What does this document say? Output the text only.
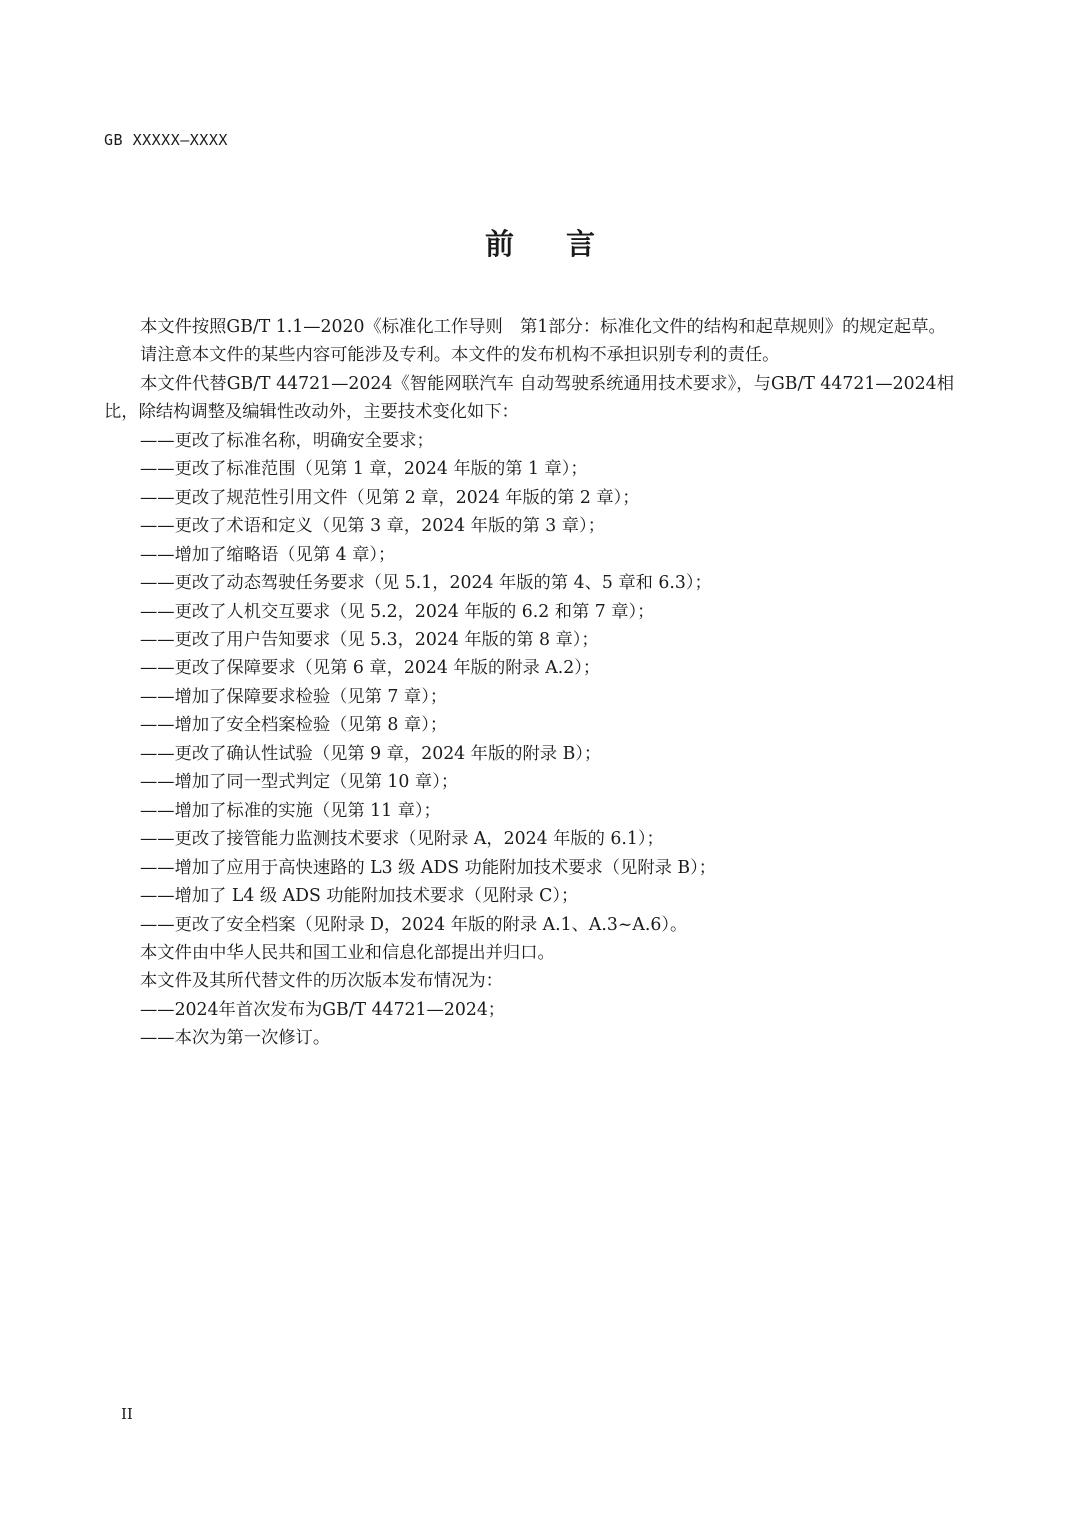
GB XXXXX—XXXX
前 言

本文件按照GB/T 1.1—2020《标准化工作导则　第1部分：标准化文件的结构和起草规则》的规定起草。

请注意本文件的某些内容可能涉及专利。本文件的发布机构不承担识别专利的责任。

本文件代替GB/T 44721—2024《智能网联汽车 自动驾驶系统通用技术要求》，与GB/T 44721—2024相比，除结构调整及编辑性改动外，主要技术变化如下：

——更改了标准名称，明确安全要求；

——更改了标准范围（见第 1 章，2024 年版的第 1 章）；

——更改了规范性引用文件（见第 2 章，2024 年版的第 2 章）；

——更改了术语和定义（见第 3 章，2024 年版的第 3 章）；

——增加了缩略语（见第 4 章）；

——更改了动态驾驶任务要求（见 5.1，2024 年版的第 4、5 章和 6.3）；

——更改了人机交互要求（见 5.2，2024 年版的 6.2 和第 7 章）；

——更改了用户告知要求（见 5.3，2024 年版的第 8 章）；

——更改了保障要求（见第 6 章，2024 年版的附录 A.2）；

——增加了保障要求检验（见第 7 章）；

——增加了安全档案检验（见第 8 章）；

——更改了确认性试验（见第 9 章，2024 年版的附录 B）；

——增加了同一型式判定（见第 10 章）；

——增加了标准的实施（见第 11 章）；

——更改了接管能力监测技术要求（见附录 A，2024 年版的 6.1）；

——增加了应用于高快速路的 L3 级 ADS 功能附加技术要求（见附录 B）；

——增加了 L4 级 ADS 功能附加技术要求（见附录 C）；

——更改了安全档案（见附录 D，2024 年版的附录 A.1、A.3~A.6）。

本文件由中华人民共和国工业和信息化部提出并归口。

本文件及其所代替文件的历次版本发布情况为：

——2024年首次发布为GB/T 44721—2024；

——本次为第一次修订。

II
